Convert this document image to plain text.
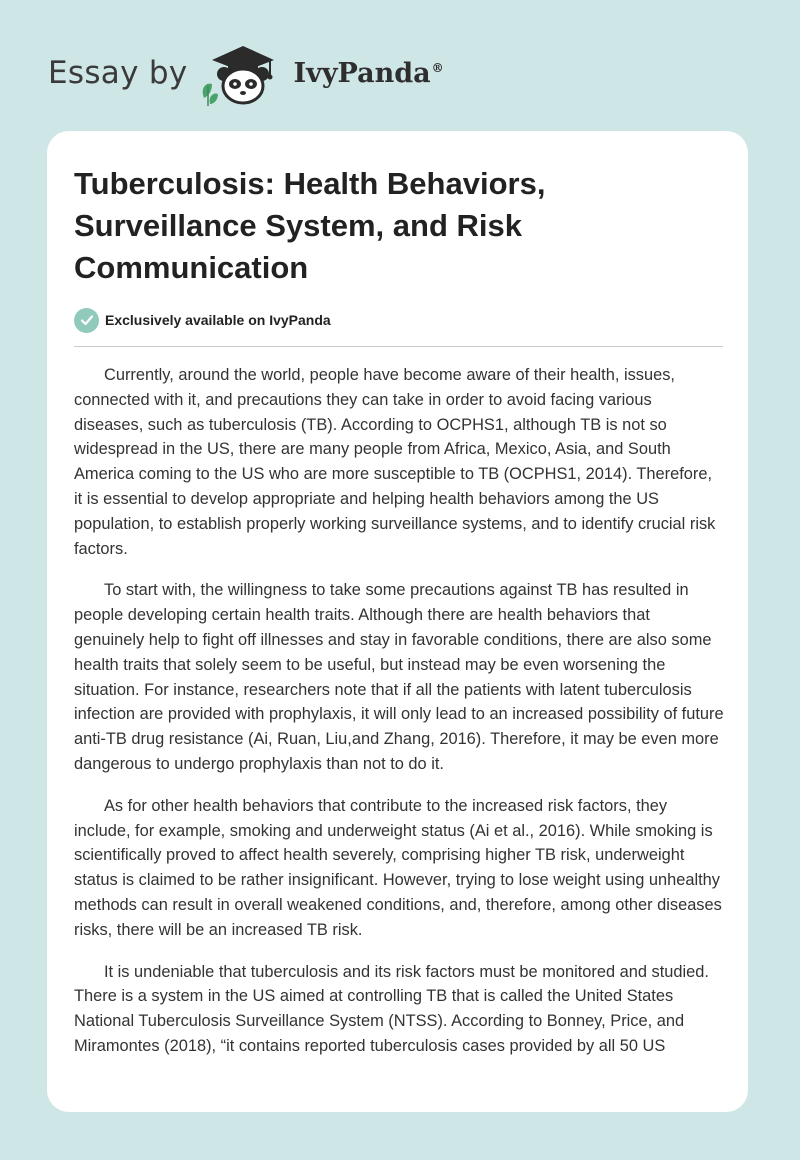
Essay by	IvyPanda®
Tuberculosis: Health Behaviors, Surveillance System, and Risk Communication
Exclusively available on IvyPanda

Currently, around the world, people have become aware of their health, issues, connected with it, and precautions they can take in order to avoid facing various diseases, such as tuberculosis (TB). According to OCPHS1, although TB is not so widespread in the US, there are many people from Africa, Mexico, Asia, and South America coming to the US who are more susceptible to TB (OCPHS1, 2014). Therefore, it is essential to develop appropriate and helping health behaviors among the US population, to establish properly working surveillance systems, and to identify crucial risk factors.

To start with, the willingness to take some precautions against TB has resulted in people developing certain health traits. Although there are health behaviors that genuinely help to fight off illnesses and stay in favorable conditions, there are also some health traits that solely seem to be useful, but instead may be even worsening the situation. For instance, researchers note that if all the patients with latent tuberculosis infection are provided with prophylaxis, it will only lead to an increased possibility of future anti-TB drug resistance (Ai, Ruan, Liu,and Zhang, 2016). Therefore, it may be even more dangerous to undergo prophylaxis than not to do it.

As for other health behaviors that contribute to the increased risk factors, they include, for example, smoking and underweight status (Ai et al., 2016). While smoking is scientifically proved to affect health severely, comprising higher TB risk, underweight status is claimed to be rather insignificant. However, trying to lose weight using unhealthy methods can result in overall weakened conditions, and, therefore, among other diseases risks, there will be an increased TB risk.

It is undeniable that tuberculosis and its risk factors must be monitored and studied. There is a system in the US aimed at controlling TB that is called the United States National Tuberculosis Surveillance System (NTSS). According to Bonney, Price, and Miramontes (2018), “it contains reported tuberculosis cases provided by all 50 US
